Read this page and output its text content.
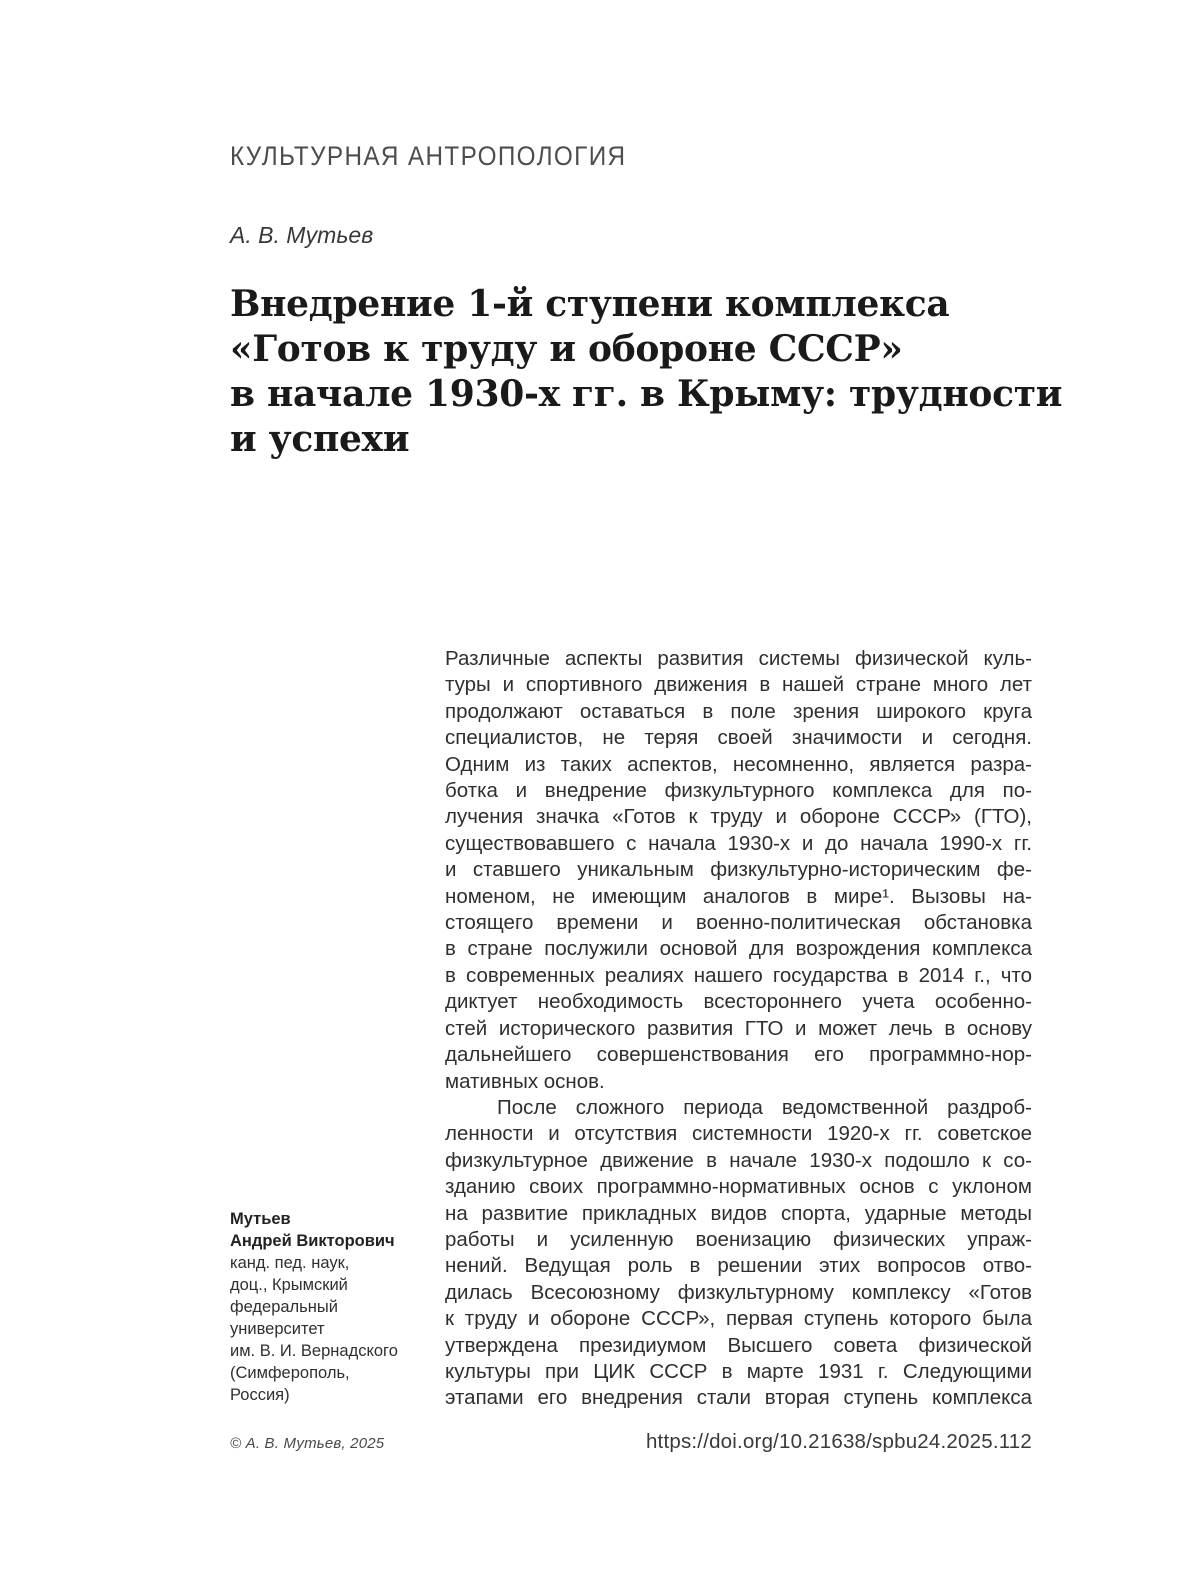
КУЛЬТУРНАЯ АНТРОПОЛОГИЯ
А. В. Мутьев
Внедрение 1-й ступени комплекса
«Готов к труду и обороне СССР»
в начале 1930-х гг. в Крыму: трудности
и успехи
Мутьев
Андрей Викторович
канд. пед. наук,
доц., Крымский
федеральный
университет
им. В. И. Вернадского
(Симферополь,
Россия)
Различные аспекты развития системы физической куль-
туры и спортивного движения в нашей стране много лет
продолжают оставаться в поле зрения широкого круга
специалистов, не теряя своей значимости и сегодня.
Одним из таких аспектов, несомненно, является разра-
ботка и внедрение физкультурного комплекса для по-
лучения значка «Готов к труду и обороне СССР» (ГТО),
существовавшего с начала 1930-х и до начала 1990-х гг.
и ставшего уникальным физкультурно-историческим фе-
номеном, не имеющим аналогов в мире¹. Вызовы на-
стоящего времени и военно-политическая обстановка
в стране послужили основой для возрождения комплекса
в современных реалиях нашего государства в 2014 г., что
диктует необходимость всестороннего учета особенно-
стей исторического развития ГТО и может лечь в основу
дальнейшего совершенствования его программно-нор-
мативных основ.
После сложного периода ведомственной раздроб-
ленности и отсутствия системности 1920-х гг. советское
физкультурное движение в начале 1930-х подошло к со-
зданию своих программно-нормативных основ с уклоном
на развитие прикладных видов спорта, ударные методы
работы и усиленную военизацию физических упраж-
нений. Ведущая роль в решении этих вопросов отво-
дилась Всесоюзному физкультурному комплексу «Готов
к труду и обороне СССР», первая ступень которого была
утверждена президиумом Высшего совета физической
культуры при ЦИК СССР в марте 1931 г. Следующими
этапами его внедрения стали вторая ступень комплекса
© А. В. Мутьев, 2025	https://doi.org/10.21638/spbu24.2025.112
